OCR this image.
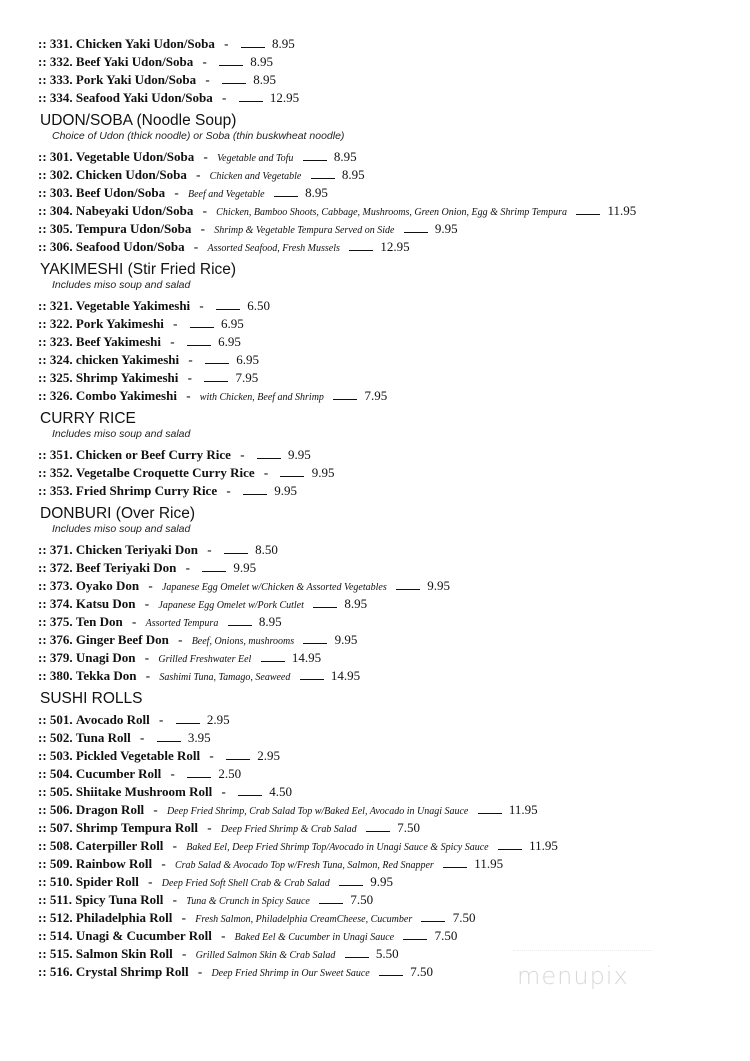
:: 331. Chicken Yaki Udon/Soba -	8.95
:: 332. Beef Yaki Udon/Soba -	8.95
:: 333. Pork Yaki Udon/Soba -	8.95
:: 334. Seafood Yaki Udon/Soba -	12.95
UDON/SOBA (Noodle Soup)
Choice of Udon (thick noodle) or Soba (thin buskwheat noodle)
:: 301. Vegetable Udon/Soba - Vegetable and Tofu	8.95
:: 302. Chicken Udon/Soba - Chicken and Vegetable	8.95
:: 303. Beef Udon/Soba - Beef and Vegetable	8.95
:: 304. Nabeyaki Udon/Soba - Chicken, Bamboo Shoots, Cabbage, Mushrooms, Green Onion, Egg & Shrimp Tempura	11.95
:: 305. Tempura Udon/Soba - Shrimp & Vegetable Tempura Served on Side	9.95
:: 306. Seafood Udon/Soba - Assorted Seafood, Fresh Mussels	12.95
YAKIMESHI (Stir Fried Rice)
Includes miso soup and salad
:: 321. Vegetable Yakimeshi -	6.50
:: 322. Pork Yakimeshi -	6.95
:: 323. Beef Yakimeshi -	6.95
:: 324. chicken Yakimeshi -	6.95
:: 325. Shrimp Yakimeshi -	7.95
:: 326. Combo Yakimeshi - with Chicken, Beef and Shrimp	7.95
CURRY RICE
Includes miso soup and salad
:: 351. Chicken or Beef Curry Rice -	9.95
:: 352. Vegetalbe Croquette Curry Rice -	9.95
:: 353. Fried Shrimp Curry Rice -	9.95
DONBURI (Over Rice)
Includes miso soup and salad
:: 371. Chicken Teriyaki Don -	8.50
:: 372. Beef Teriyaki Don -	9.95
:: 373. Oyako Don - Japanese Egg Omelet w/Chicken & Assorted Vegetables	9.95
:: 374. Katsu Don - Japanese Egg Omelet w/Pork Cutlet	8.95
:: 375. Ten Don - Assorted Tempura	8.95
:: 376. Ginger Beef Don - Beef, Onions, mushrooms	9.95
:: 379. Unagi Don - Grilled Freshwater Eel	14.95
:: 380. Tekka Don - Sashimi Tuna, Tamago, Seaweed	14.95
SUSHI ROLLS
:: 501. Avocado Roll -	2.95
:: 502. Tuna Roll -	3.95
:: 503. Pickled Vegetable Roll -	2.95
:: 504. Cucumber Roll -	2.50
:: 505. Shiitake Mushroom Roll -	4.50
:: 506. Dragon Roll - Deep Fried Shrimp, Crab Salad Top w/Baked Eel, Avocado in Unagi Sauce	11.95
:: 507. Shrimp Tempura Roll - Deep Fried Shrimp & Crab Salad	7.50
:: 508. Caterpiller Roll - Baked Eel, Deep Fried Shrimp Top/Avocado in Unagi Sauce & Spicy Sauce	11.95
:: 509. Rainbow Roll - Crab Salad & Avocado Top w/Fresh Tuna, Salmon, Red Snapper	11.95
:: 510. Spider Roll - Deep Fried Soft Shell Crab & Crab Salad	9.95
:: 511. Spicy Tuna Roll - Tuna & Crunch in Spicy Sauce	7.50
:: 512. Philadelphia Roll - Fresh Salmon, Philadelphia CreamCheese, Cucumber	7.50
:: 514. Unagi & Cucumber Roll - Baked Eel & Cucumber in Unagi Sauce	7.50
:: 515. Salmon Skin Roll - Grilled Salmon Skin & Crab Salad	5.50
:: 516. Crystal Shrimp Roll - Deep Fried Shrimp in Our Sweet Sauce	7.50	menupix
